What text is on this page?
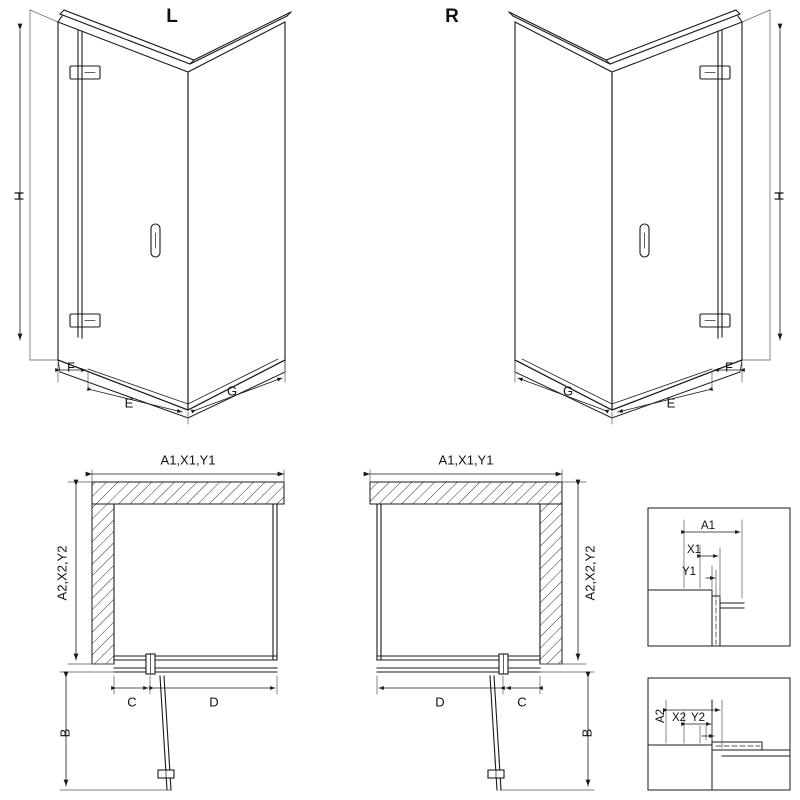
L	R
H	H
F
E
G
F
E
G
A1,X1,Y1
A2,X2,Y2
B
C	D
A1,X1,Y1
A2,X2,Y2
B
C
D
A1
X1
Y1
A2 X2 Y2
